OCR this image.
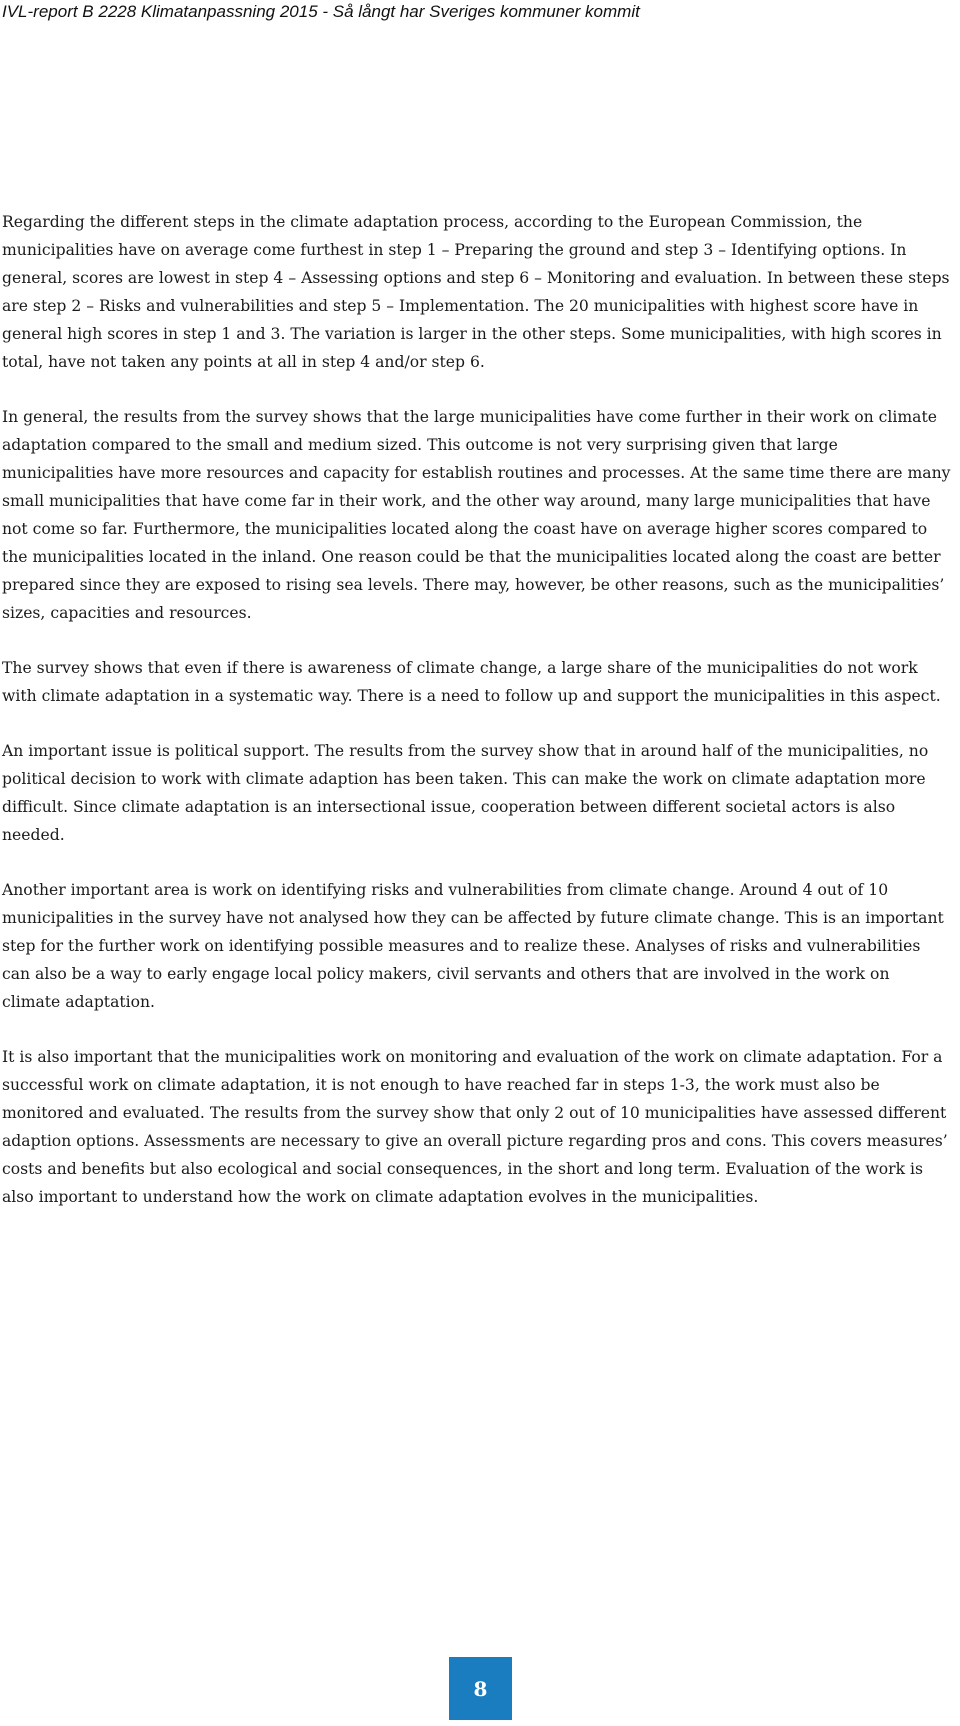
IVL-report B 2228 Klimatanpassning 2015 - Så långt har Sveriges kommuner kommit

Regarding the different steps in the climate adaptation process, according to the European Commission, the municipalities have on average come furthest in step 1 – Preparing the ground and step 3 – Identifying options. In general, scores are lowest in step 4 – Assessing options and step 6 – Monitoring and evaluation. In between these steps are step 2 – Risks and vulnerabilities and step 5 – Implementation. The 20 municipalities with highest score have in general high scores in step 1 and 3. The variation is larger in the other steps. Some municipalities, with high scores in total, have not taken any points at all in step 4 and/or step 6.

In general, the results from the survey shows that the large municipalities have come further in their work on climate adaptation compared to the small and medium sized. This outcome is not very surprising given that large municipalities have more resources and capacity for establish routines and processes. At the same time there are many small municipalities that have come far in their work, and the other way around, many large municipalities that have not come so far. Furthermore, the municipalities located along the coast have on average higher scores compared to the municipalities located in the inland. One reason could be that the municipalities located along the coast are better prepared since they are exposed to rising sea levels. There may, however, be other reasons, such as the municipalities’ sizes, capacities and resources.

The survey shows that even if there is awareness of climate change, a large share of the municipalities do not work with climate adaptation in a systematic way. There is a need to follow up and support the municipalities in this aspect.

An important issue is political support. The results from the survey show that in around half of the municipalities, no political decision to work with climate adaption has been taken. This can make the work on climate adaptation more difficult. Since climate adaptation is an intersectional issue, cooperation between different societal actors is also needed.

Another important area is work on identifying risks and vulnerabilities from climate change. Around 4 out of 10 municipalities in the survey have not analysed how they can be affected by future climate change. This is an important step for the further work on identifying possible measures and to realize these. Analyses of risks and vulnerabilities can also be a way to early engage local policy makers, civil servants and others that are involved in the work on climate adaptation.

It is also important that the municipalities work on monitoring and evaluation of the work on climate adaptation. For a successful work on climate adaptation, it is not enough to have reached far in steps 1-3, the work must also be monitored and evaluated. The results from the survey show that only 2 out of 10 municipalities have assessed different adaption options. Assessments are necessary to give an overall picture regarding pros and cons. This covers measures’ costs and benefits but also ecological and social consequences, in the short and long term. Evaluation of the work is also important to understand how the work on climate adaptation evolves in the municipalities.

8
